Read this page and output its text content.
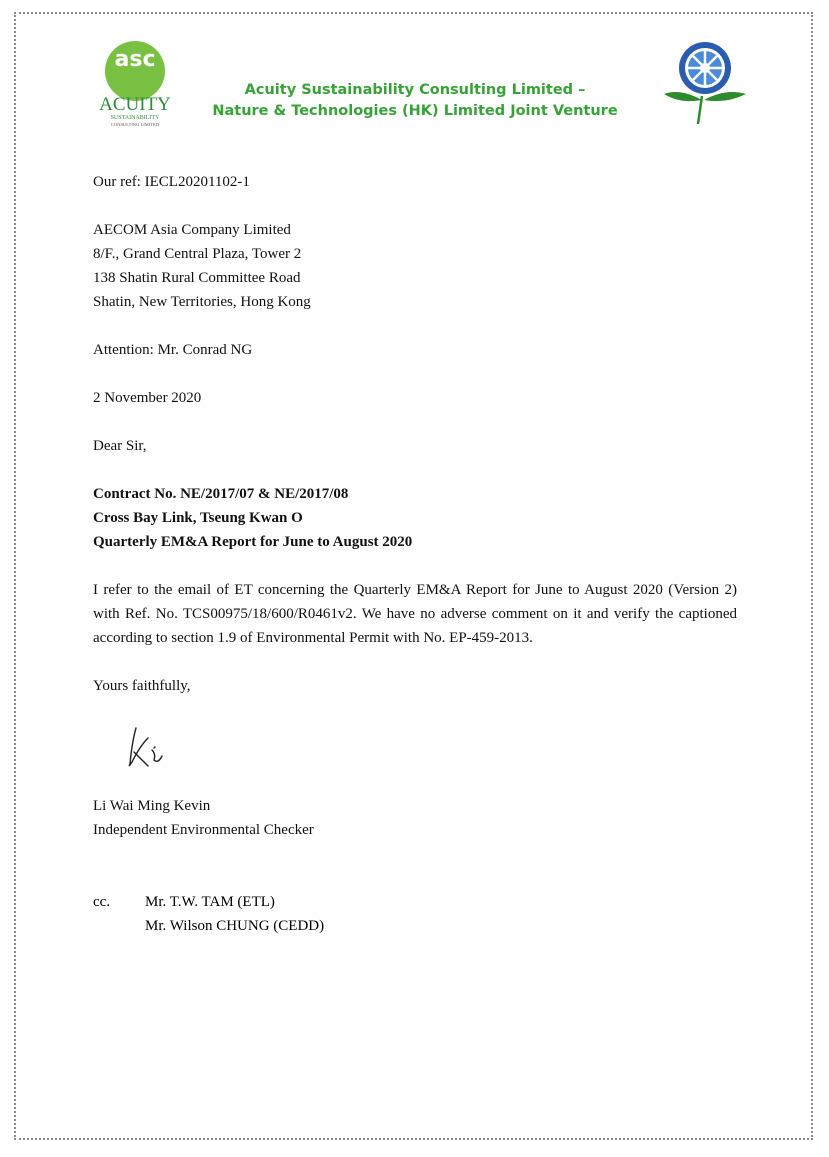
asc
ACUITY
SUSTAINABILITY
CONSULTING LIMITED
Acuity Sustainability Consulting Limited –
Nature & Technologies (HK) Limited Joint Venture
Our ref: IECL20201102-1
AECOM Asia Company Limited
8/F., Grand Central Plaza, Tower 2
138 Shatin Rural Committee Road
Shatin, New Territories, Hong Kong
Attention: Mr. Conrad NG
2 November 2020
Dear Sir,
Contract No. NE/2017/07 & NE/2017/08
Cross Bay Link, Tseung Kwan O
Quarterly EM&A Report for June to August 2020
I refer to the email of ET concerning the Quarterly EM&A Report for June to August 2020 (Version 2) with Ref. No. TCS00975/18/600/R0461v2. We have no adverse comment on it and verify the captioned according to section 1.9 of Environmental Permit with No. EP-459-2013.
Yours faithfully,
Li Wai Ming Kevin
Independent Environmental Checker
cc. Mr. T.W. TAM (ETL)
Mr. Wilson CHUNG (CEDD)
